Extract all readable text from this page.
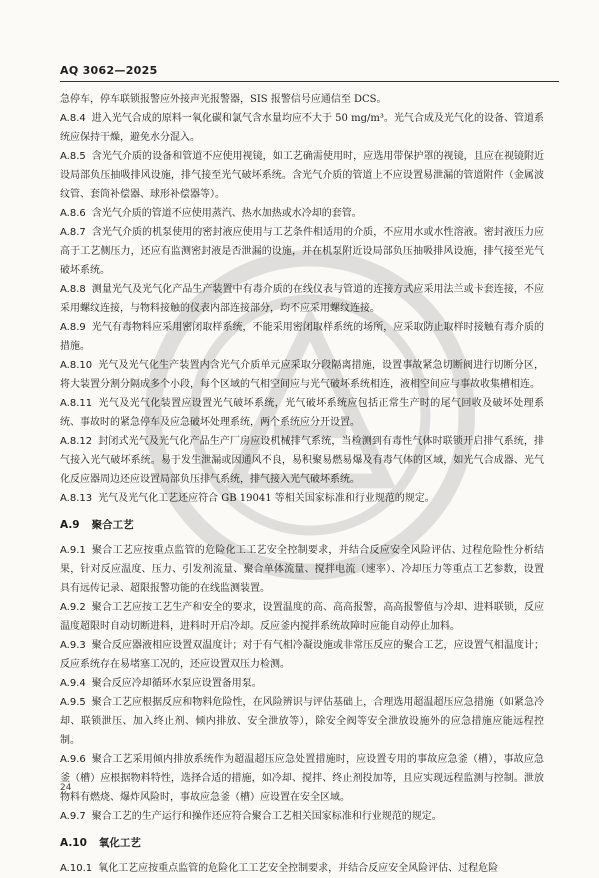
AQ 3062—2025

急停车，停车联锁报警应外接声光报警器，SIS 报警信号应通信至 DCS。

A.8.4 进入光气合成的原料一氧化碳和氯气含水量均应不大于 50 mg/m³。光气合成及光气化的设备、管道系统应保持干燥，避免水分混入。

A.8.5 含光气介质的设备和管道不应使用视镜，如工艺确需使用时，应选用带保护罩的视镜，且应在视镜附近设局部负压抽吸排风设施，排气接至光气破坏系统。含光气介质的管道上不应设置易泄漏的管道附件（金属波纹管、套筒补偿器、球形补偿器等）。

A.8.6 含光气介质的管道不应使用蒸汽、热水加热或水冷却的套管。

A.8.7 含光气介质的机泵使用的密封液应使用与工艺条件相适用的介质，不应用水或水性溶液。密封液压力应高于工艺侧压力，还应有监测密封液是否泄漏的设施，并在机泵附近设局部负压抽吸排风设施，排气接至光气破坏系统。

A.8.8 测量光气及光气化产品生产装置中有毒介质的在线仪表与管道的连接方式应采用法兰或卡套连接，不应采用螺纹连接，与物料接触的仪表内部连接部分，均不应采用螺纹连接。

A.8.9 光气有毒物料应采用密闭取样系统，不能采用密闭取样系统的场所，应采取防止取样时接触有毒介质的措施。

A.8.10 光气及光气化生产装置内含光气介质单元应采取分段隔离措施，设置事故紧急切断阀进行切断分区，将大装置分割分隔成多个小段，每个区域的气相空间应与光气破坏系统相连，液相空间应与事故收集槽相连。

A.8.11 光气及光气化装置应设置光气破坏系统，光气破坏系统应包括正常生产时的尾气回收及破坏处理系统、事故时的紧急停车及应急破坏处理系统，两个系统应分开设置。

A.8.12 封闭式光气及光气化产品生产厂房应设机械排气系统，当检测到有毒性气体时联锁开启排气系统，排气接入光气破坏系统。易于发生泄漏或因通风不良，易积聚易燃易爆及有毒气体的区域，如光气合成器、光气化反应器周边还应设置局部负压排气系统，排气接入光气破坏系统。

A.8.13 光气及光气化工艺还应符合 GB 19041 等相关国家标准和行业规范的规定。

A.9 聚合工艺

A.9.1 聚合工艺应按重点监管的危险化工工艺安全控制要求，并结合反应安全风险评估、过程危险性分析结果，针对反应温度、压力、引发剂流量、聚合单体流量、搅拌电流（速率）、冷却压力等重点工艺参数，设置具有远传记录、超限报警功能的在线监测装置。

A.9.2 聚合工艺应按工艺生产和安全的要求，设置温度的高、高高报警，高高报警值与冷却、进料联锁，反应温度超限时自动切断进料，进料时开启冷却。反应釜内搅拌系统故障时应能自动停止加料。

A.9.3 聚合反应器液相应设置双温度计；对于有气相冷凝设施或非常压反应的聚合工艺，应设置气相温度计；反应系统存在易堵塞工况的，还应设置双压力检测。

A.9.4 聚合反应冷却循环水泵应设置备用泵。

A.9.5 聚合工艺应根据反应和物料危险性，在风险辨识与评估基础上，合理选用超温超压应急措施（如紧急冷却、联锁泄压、加入终止剂、倾内排放、安全泄放等），除安全阀等安全泄放设施外的应急措施应能远程控制。

A.9.6 聚合工艺采用倾内排放系统作为超温超压应急处置措施时，应设置专用的事故应急釜（槽），事故应急釜（槽）应根据物料特性，选择合适的措施，如冷却、搅拌、终止剂投加等，且应实现远程监测与控制。泄放物料有燃烧、爆炸风险时，事故应急釜（槽）应设置在安全区域。

A.9.7 聚合工艺的生产运行和操作还应符合聚合工艺相关国家标准和行业规范的规定。

A.10 氧化工艺

A.10.1 氧化工艺应按重点监管的危险化工工艺安全控制要求，并结合反应安全风险评估、过程危险

24
